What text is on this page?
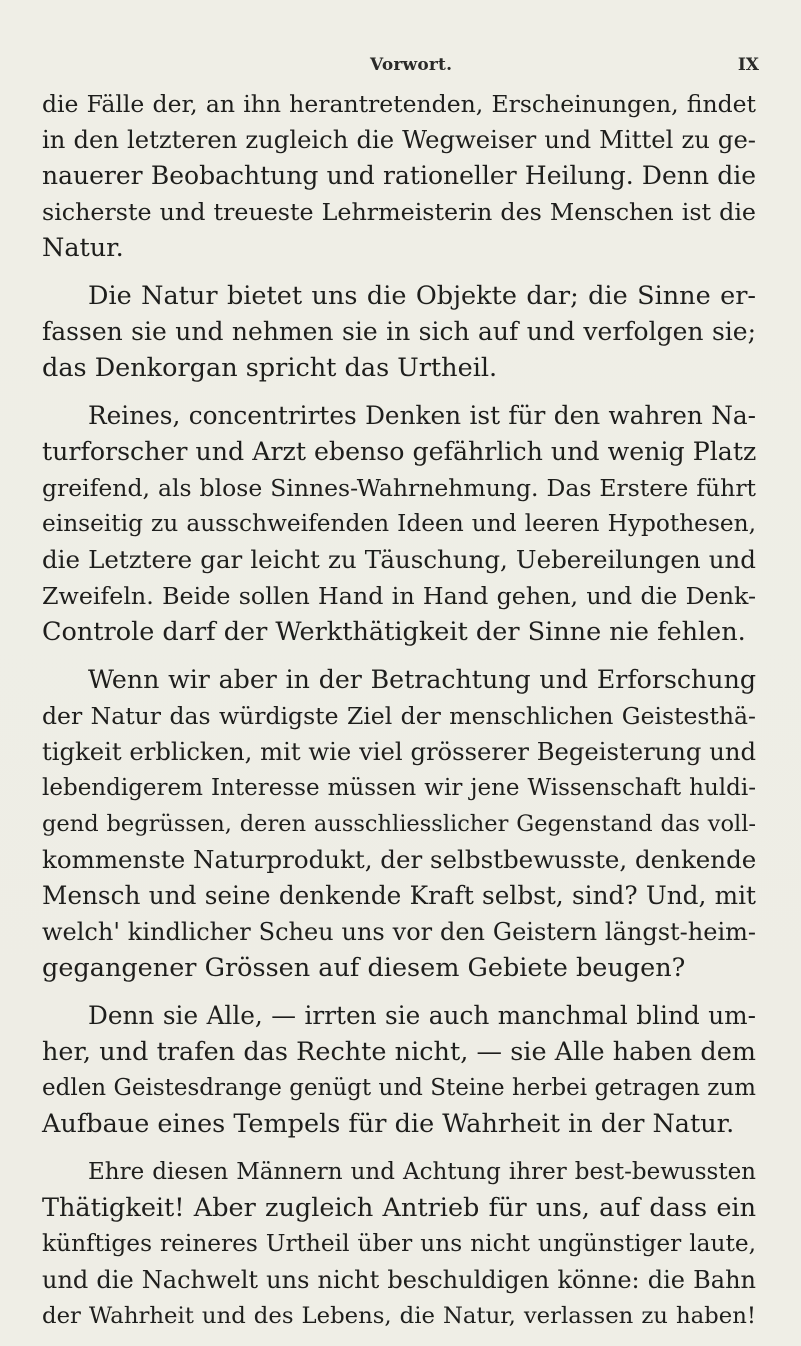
Vorwort.	IX

die Fälle der, an ihn herantretenden, Erscheinungen, findet
in den letzteren zugleich die Wegweiser und Mittel zu ge-
nauerer Beobachtung und rationeller Heilung. Denn die
sicherste und treueste Lehrmeisterin des Menschen ist die
Natur.

Die Natur bietet uns die Objekte dar; die Sinne er-
fassen sie und nehmen sie in sich auf und verfolgen sie;
das Denkorgan spricht das Urtheil.

Reines, concentrirtes Denken ist für den wahren Na-
turforscher und Arzt ebenso gefährlich und wenig Platz
greifend, als blose Sinnes-Wahrnehmung. Das Erstere führt
einseitig zu ausschweifenden Ideen und leeren Hypothesen,
die Letztere gar leicht zu Täuschung, Uebereilungen und
Zweifeln. Beide sollen Hand in Hand gehen, und die Denk-
Controle darf der Werkthätigkeit der Sinne nie fehlen.

Wenn wir aber in der Betrachtung und Erforschung
der Natur das würdigste Ziel der menschlichen Geistesthä-
tigkeit erblicken, mit wie viel grösserer Begeisterung und
lebendigerem Interesse müssen wir jene Wissenschaft huldi-
gend begrüssen, deren ausschliesslicher Gegenstand das voll-
kommenste Naturprodukt, der selbstbewusste, denkende
Mensch und seine denkende Kraft selbst, sind? Und, mit
welch' kindlicher Scheu uns vor den Geistern längst-heim-
gegangener Grössen auf diesem Gebiete beugen?

Denn sie Alle, — irrten sie auch manchmal blind um-
her, und trafen das Rechte nicht, — sie Alle haben dem
edlen Geistesdrange genügt und Steine herbei getragen zum
Aufbaue eines Tempels für die Wahrheit in der Natur.

Ehre diesen Männern und Achtung ihrer best-bewussten
Thätigkeit! Aber zugleich Antrieb für uns, auf dass ein
künftiges reineres Urtheil über uns nicht ungünstiger laute,
und die Nachwelt uns nicht beschuldigen könne: die Bahn
der Wahrheit und des Lebens, die Natur, verlassen zu haben!
